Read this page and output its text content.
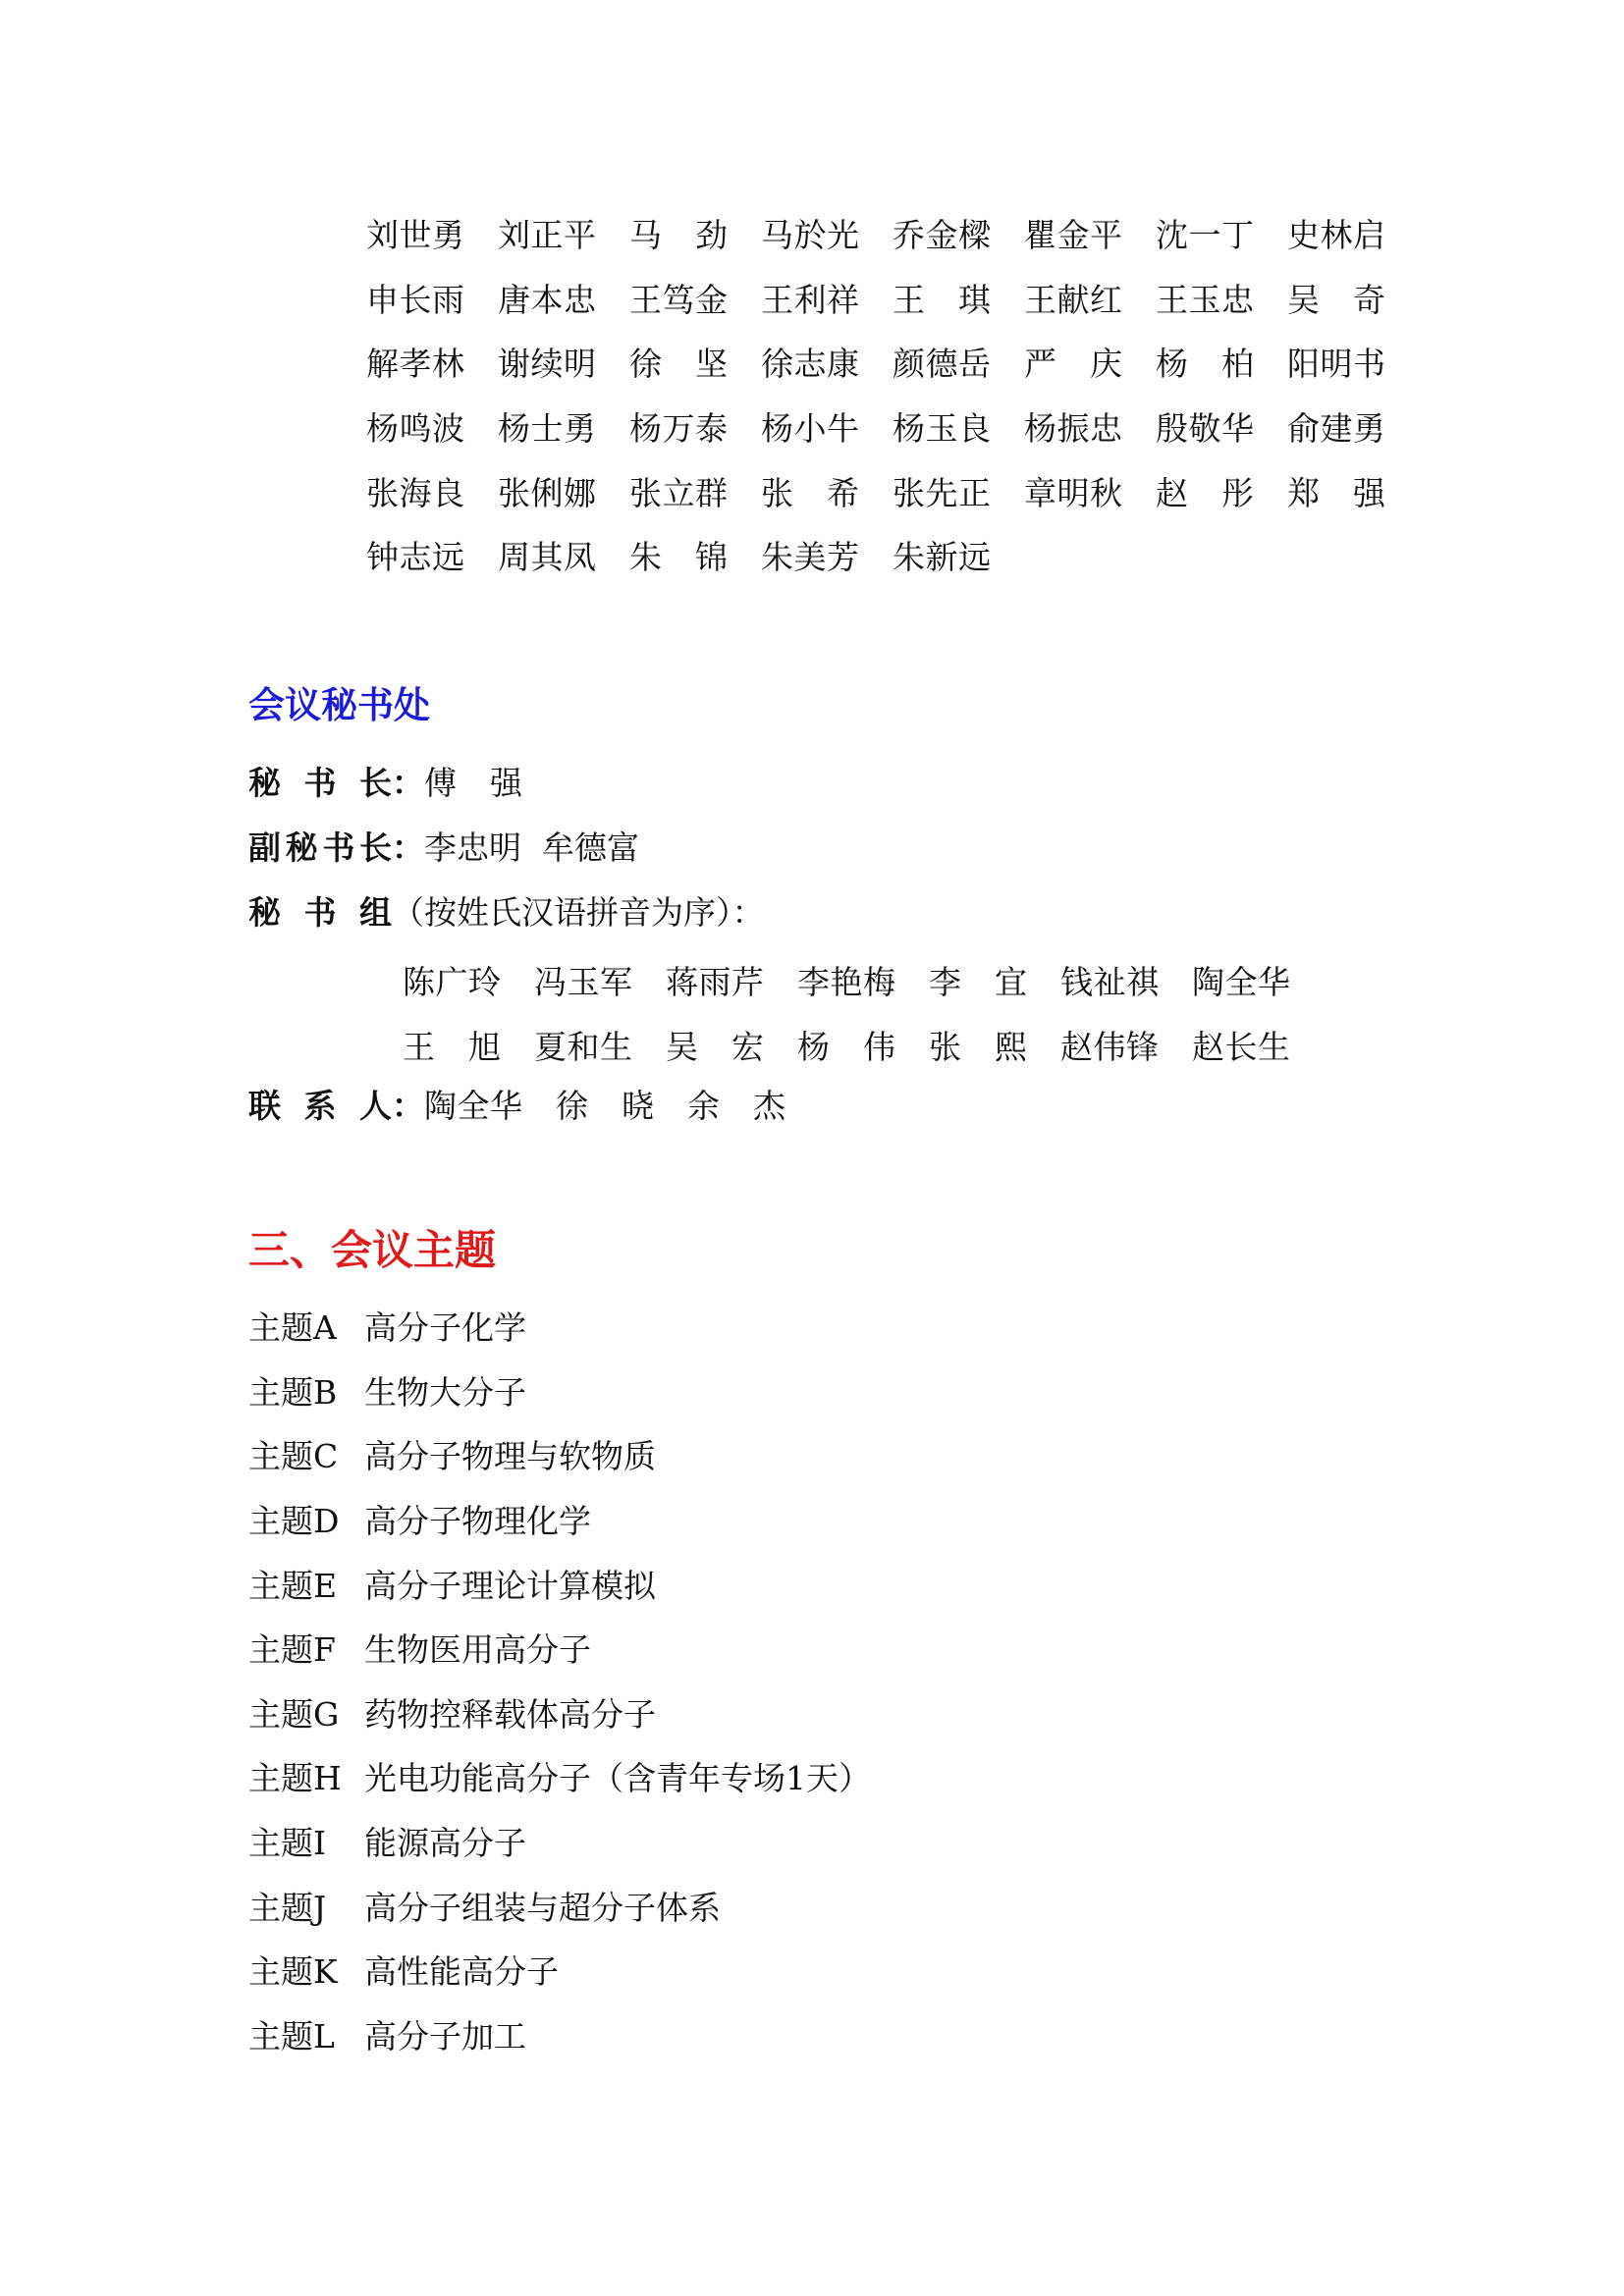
刘世勇 刘正平 马劲 马於光 乔金樑 瞿金平 沈一丁 史林启
申长雨 唐本忠 王笃金 王利祥 王琪 王献红 王玉忠 吴奇
解孝林 谢续明 徐坚 徐志康 颜德岳 严庆 杨柏 阳明书
杨鸣波 杨士勇 杨万泰 杨小牛 杨玉良 杨振忠 殷敬华 俞建勇
张海良 张俐娜 张立群 张希 张先正 章明秋 赵彤 郑强
钟志远 周其凤 朱锦 朱美芳 朱新远
会议秘书处
秘书长 ： 傅强
副秘书长 ： 李忠明  牟德富
秘书组 （按姓氏汉语拼音为序）：
陈广玲 冯玉军 蒋雨芹 李艳梅 李宜 钱祉祺 陶全华
王旭 夏和生 吴宏 杨伟 张熙 赵伟锋 赵长生
联系人 ： 陶全华 徐晓 余杰
三、会议主题
主题A 高分子化学
主题B 生物大分子
主题C 高分子物理与软物质
主题D 高分子物理化学
主题E 高分子理论计算模拟
主题F 生物医用高分子
主题G 药物控释载体高分子
主题H 光电功能高分子（含青年专场1天）
主题I	能源高分子
主题J	高分子组装与超分子体系
主题K 高性能高分子
主题L 高分子加工
